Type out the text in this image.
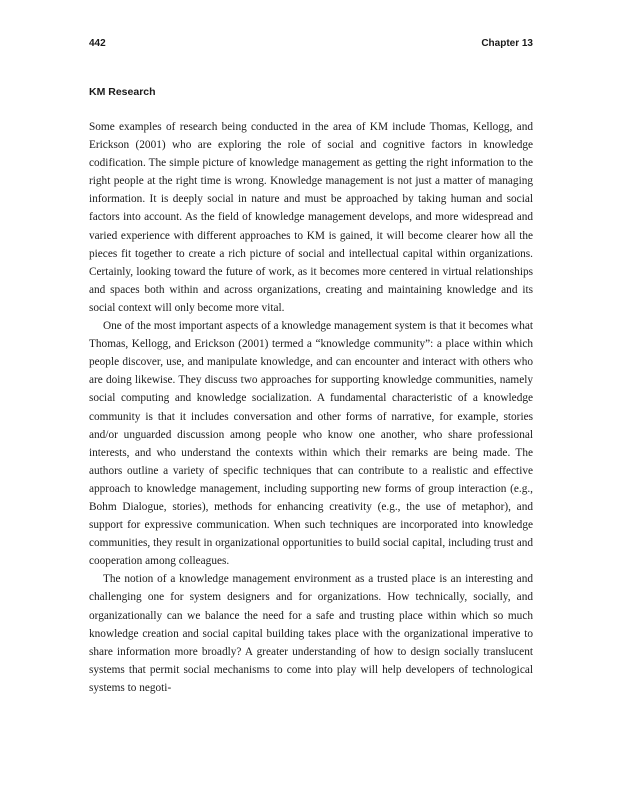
442	Chapter 13
KM Research

Some examples of research being conducted in the area of KM include Thomas, Kellogg, and Erickson (2001) who are exploring the role of social and cognitive factors in knowledge codification. The simple picture of knowledge management as getting the right information to the right people at the right time is wrong. Knowledge management is not just a matter of managing information. It is deeply social in nature and must be approached by taking human and social factors into account. As the field of knowledge management develops, and more widespread and varied experience with different approaches to KM is gained, it will become clearer how all the pieces fit together to create a rich picture of social and intellectual capital within organizations. Certainly, looking toward the future of work, as it becomes more centered in virtual relationships and spaces both within and across organizations, creating and maintaining knowledge and its social context will only become more vital.

One of the most important aspects of a knowledge management system is that it becomes what Thomas, Kellogg, and Erickson (2001) termed a “knowledge community”: a place within which people discover, use, and manipulate knowledge, and can encounter and interact with others who are doing likewise. They discuss two approaches for supporting knowledge communities, namely social computing and knowledge socialization. A fundamental characteristic of a knowledge community is that it includes conversation and other forms of narrative, for example, stories and/or unguarded discussion among people who know one another, who share professional interests, and who understand the contexts within which their remarks are being made. The authors outline a variety of specific techniques that can contribute to a realistic and effective approach to knowledge management, including supporting new forms of group interaction (e.g., Bohm Dialogue, stories), methods for enhancing creativity (e.g., the use of metaphor), and support for expressive communication. When such techniques are incorporated into knowledge communities, they result in organizational opportunities to build social capital, including trust and cooperation among colleagues.

The notion of a knowledge management environment as a trusted place is an interesting and challenging one for system designers and for organizations. How technically, socially, and organizationally can we balance the need for a safe and trusting place within which so much knowledge creation and social capital building takes place with the organizational imperative to share information more broadly? A greater understanding of how to design socially translucent systems that permit social mechanisms to come into play will help developers of technological systems to negoti-
